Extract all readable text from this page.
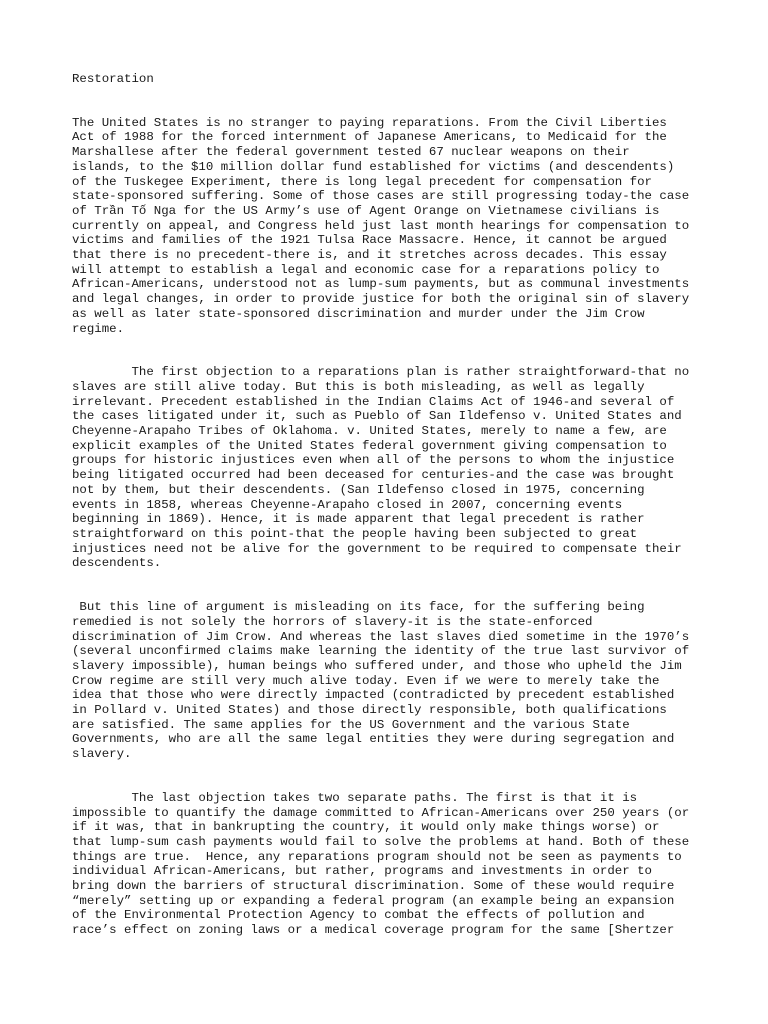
Restoration
The United States is no stranger to paying reparations. From the Civil Liberties
Act of 1988 for the forced internment of Japanese Americans, to Medicaid for the
Marshallese after the federal government tested 67 nuclear weapons on their
islands, to the $10 million dollar fund established for victims (and descendents)
of the Tuskegee Experiment, there is long legal precedent for compensation for
state-sponsored suffering. Some of those cases are still progressing today-the case
of Trần Tố Nga for the US Army’s use of Agent Orange on Vietnamese civilians is
currently on appeal, and Congress held just last month hearings for compensation to
victims and families of the 1921 Tulsa Race Massacre. Hence, it cannot be argued
that there is no precedent-there is, and it stretches across decades. This essay
will attempt to establish a legal and economic case for a reparations policy to
African-Americans, understood not as lump-sum payments, but as communal investments
and legal changes, in order to provide justice for both the original sin of slavery
as well as later state-sponsored discrimination and murder under the Jim Crow
regime.
The first objection to a reparations plan is rather straightforward-that no
slaves are still alive today. But this is both misleading, as well as legally
irrelevant. Precedent established in the Indian Claims Act of 1946-and several of
the cases litigated under it, such as Pueblo of San Ildefenso v. United States and
Cheyenne-Arapaho Tribes of Oklahoma. v. United States, merely to name a few, are
explicit examples of the United States federal government giving compensation to
groups for historic injustices even when all of the persons to whom the injustice
being litigated occurred had been deceased for centuries-and the case was brought
not by them, but their descendents. (San Ildefenso closed in 1975, concerning
events in 1858, whereas Cheyenne-Arapaho closed in 2007, concerning events
beginning in 1869). Hence, it is made apparent that legal precedent is rather
straightforward on this point-that the people having been subjected to great
injustices need not be alive for the government to be required to compensate their
descendents.
But this line of argument is misleading on its face, for the suffering being
remedied is not solely the horrors of slavery-it is the state-enforced
discrimination of Jim Crow. And whereas the last slaves died sometime in the 1970’s
(several unconfirmed claims make learning the identity of the true last survivor of
slavery impossible), human beings who suffered under, and those who upheld the Jim
Crow regime are still very much alive today. Even if we were to merely take the
idea that those who were directly impacted (contradicted by precedent established
in Pollard v. United States) and those directly responsible, both qualifications
are satisfied. The same applies for the US Government and the various State
Governments, who are all the same legal entities they were during segregation and
slavery.
The last objection takes two separate paths. The first is that it is
impossible to quantify the damage committed to African-Americans over 250 years (or
if it was, that in bankrupting the country, it would only make things worse) or
that lump-sum cash payments would fail to solve the problems at hand. Both of these
things are true.  Hence, any reparations program should not be seen as payments to
individual African-Americans, but rather, programs and investments in order to
bring down the barriers of structural discrimination. Some of these would require
“merely” setting up or expanding a federal program (an example being an expansion
of the Environmental Protection Agency to combat the effects of pollution and
race’s effect on zoning laws or a medical coverage program for the same [Shertzer
